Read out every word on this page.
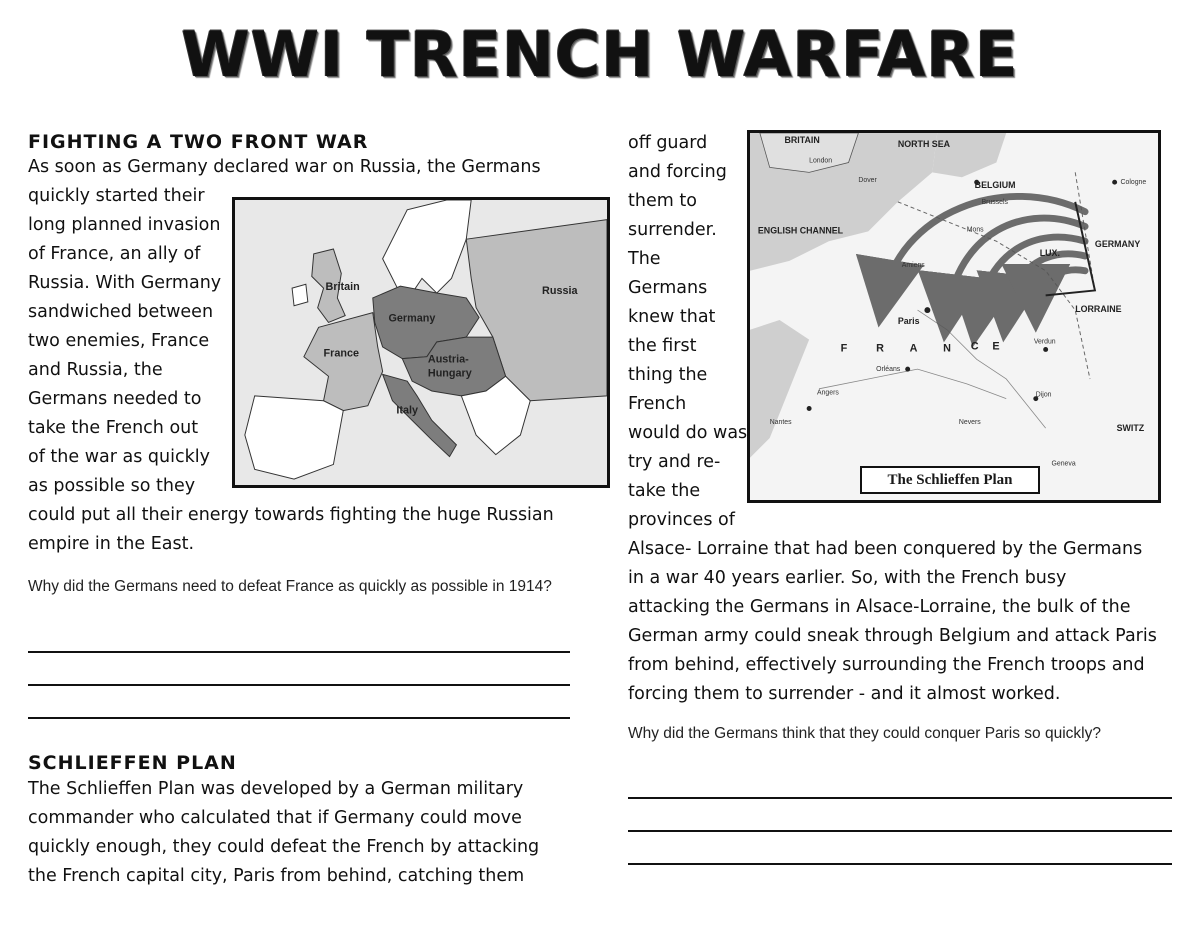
WWI TRENCH WARFARE
FIGHTING A TWO FRONT WAR
As soon as Germany declared war on Russia, the Germans
quickly started their
long planned invasion
of France, an ally of
Russia. With Germany
sandwiched between
two enemies, France
and Russia, the
Germans needed to
take the French out
of the war as quickly
as possible so they
could put all their energy towards fighting the huge Russian
empire in the East.
Britain	Russia
Germany
France	Austria-
Hungary
Italy
Why did the Germans need to defeat France as quickly as possible in 1914?
SCHLIEFFEN PLAN
The Schlieffen Plan was developed by a German military
commander who calculated that if Germany could move
quickly enough, they could defeat the French by attacking
the French capital city, Paris from behind, catching them
off guard
and forcing
them to
surrender.
The
Germans
knew that
the first
thing the
French
would do was
try and re-
take the
provinces of
Alsace- Lorraine that had been conquered by the Germans
in a war 40 years earlier. So, with the French busy
attacking the Germans in Alsace-Lorraine, the bulk of the
German army could sneak through Belgium and attack Paris
from behind, effectively surrounding the French troops and
forcing them to surrender - and it almost worked.
BRITAIN	NORTH SEA
BELGIUM
ENGLISH CHANNEL
GERMANY
LUX.
Paris
F	R A N C E
LORRAINE
SWITZ
London
Dover
Brussels
Cologne
Verdun
Mons
Amiens
Orléans
Nevers
Dijon
Nantes
Angers
Geneva
The Schlieffen Plan
Why did the Germans think that they could conquer Paris so quickly?
